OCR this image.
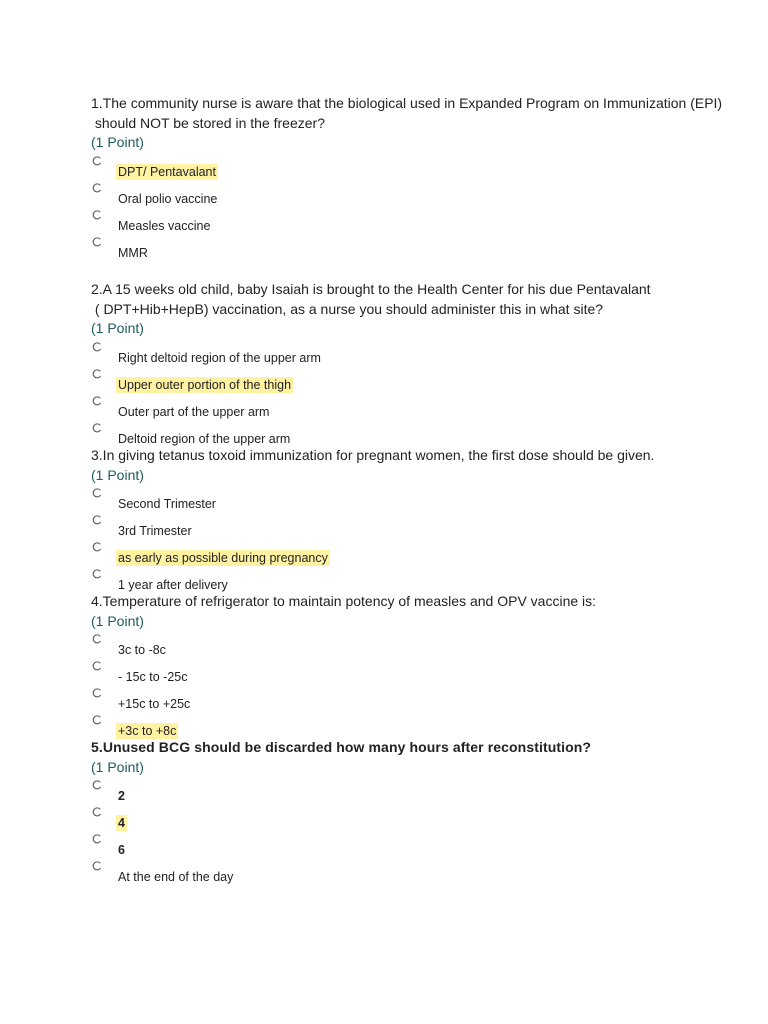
1.The community nurse is aware that the biological used in Expanded Program on Immunization (EPI)
should NOT be stored in the freezer?

(1 Point)

DPT/ Pentavalant
Oral polio vaccine
Measles vaccine
MMR

2.A 15 weeks old child, baby Isaiah is brought to the Health Center for his due Pentavalant
( DPT+Hib+HepB) vaccination, as a nurse you should administer this in what site?

(1 Point)

Right deltoid region of the upper arm
Upper outer portion of the thigh
Outer part of the upper arm
Deltoid region of the upper arm

3.In giving tetanus toxoid immunization for pregnant women, the first dose should be given.

(1 Point)

Second Trimester
3rd Trimester
as early as possible during pregnancy
1 year after delivery

4.Temperature of refrigerator to maintain potency of measles and OPV vaccine is:

(1 Point)

3c to -8c
- 15c to -25c
+15c to +25c
+3c to +8c

5.Unused BCG should be discarded how many hours after reconstitution?

(1 Point)

2
4
6
At the end of the day
